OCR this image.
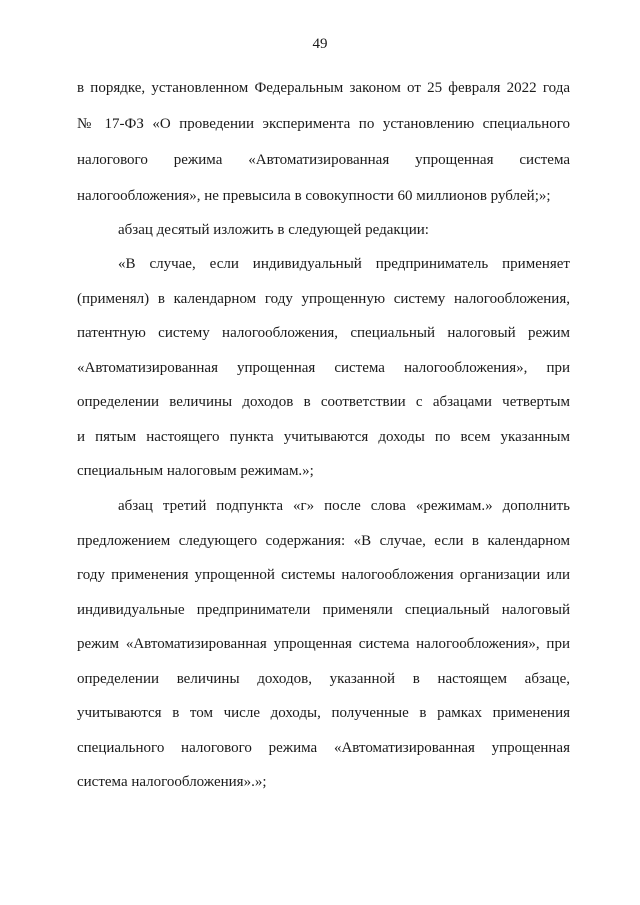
49
в порядке, установленном Федеральным законом от 25 февраля 2022 года
№ 17-ФЗ «О проведении эксперимента по установлению специального
налогового режима «Автоматизированная упрощенная система
налогообложения», не превысила в совокупности 60 миллионов рублей;»;
абзац десятый изложить в следующей редакции:
«В случае, если индивидуальный предприниматель применяет
(применял) в календарном году упрощенную систему налогообложения,
патентную систему налогообложения, специальный налоговый режим
«Автоматизированная упрощенная система налогообложения», при
определении величины доходов в соответствии с абзацами четвертым
и пятым настоящего пункта учитываются доходы по всем указанным
специальным налоговым режимам.»;
абзац третий подпункта «г» после слова «режимам.» дополнить
предложением следующего содержания: «В случае, если в календарном
году применения упрощенной системы налогообложения организации или
индивидуальные предприниматели применяли специальный налоговый
режим «Автоматизированная упрощенная система налогообложения», при
определении величины доходов, указанной в настоящем абзаце,
учитываются в том числе доходы, полученные в рамках применения
специального налогового режима «Автоматизированная упрощенная
система налогообложения».»;
